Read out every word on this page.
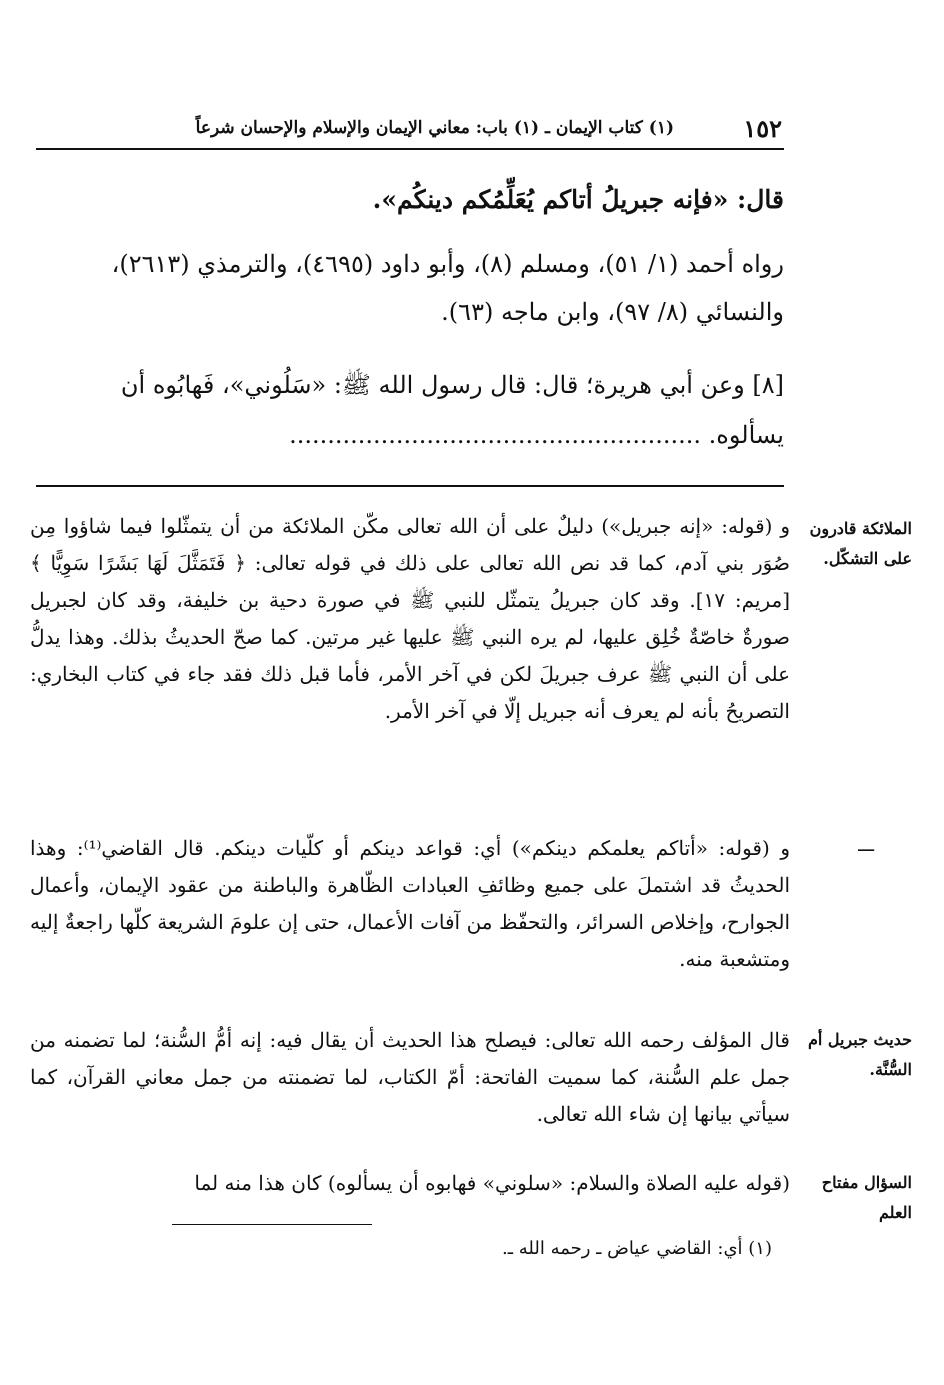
١٥٢
(١) كتاب الإيمان ـ (١) باب: معاني الإيمان والإسلام والإحسان شرعاً
قال: «فإنه جبريلُ أتاكم يُعَلِّمُكم دينكُم».
رواه أحمد (١/ ٥١)، ومسلم (٨)، وأبو داود (٤٦٩٥)، والترمذي (٢٦١٣)، والنسائي (٨/ ٩٧)، وابن ماجه (٦٣).
[٨] وعن أبي هريرة؛ قال: قال رسول الله ﷺ: «سَلُوني»، فَهابُوه أن يسألوه. ......................................................
الملائكة قادرون على التشكّل.
ـــ
حديث جبريل أم السُّنَّة.
السؤال مفتاح العلم

و (قوله: «إنه جبريل») دليلٌ على أن الله تعالى مكّن الملائكة من أن يتمثّلوا فيما شاؤوا مِن صُوَر بني آدم، كما قد نص الله تعالى على ذلك في قوله تعالى: ﴿ فَتَمَثَّلَ لَهَا بَشَرًا سَوِيًّا ﴾ [مريم: ١٧]. وقد كان جبريلُ يتمثّل للنبي ﷺ في صورة دحية بن خليفة، وقد كان لجبريل صورةٌ خاصّةٌ خُلِق عليها، لم يره النبي ﷺ عليها غير مرتين. كما صحّ الحديثُ بذلك. وهذا يدلُّ على أن النبي ﷺ عرف جبريلَ لكن في آخر الأمر، فأما قبل ذلك فقد جاء في كتاب البخاري: التصريحُ بأنه لم يعرف أنه جبريل إلّا في آخر الأمر.

و (قوله: «أتاكم يعلمكم دينكم») أي: قواعد دينكم أو كلّيات دينكم. قال القاضي⁽¹⁾: وهذا الحديثُ قد اشتملَ على جميع وظائفِ العبادات الظّاهرة والباطنة من عقود الإيمان، وأعمال الجوارح، وإخلاص السرائر، والتحفّظ من آفات الأعمال، حتى إن علومَ الشريعة كلّها راجعةٌ إليه ومتشعبة منه.

قال المؤلف رحمه الله تعالى: فيصلح هذا الحديث أن يقال فيه: إنه أمُّ السُّنة؛ لما تضمنه من جمل علم السُّنة، كما سميت الفاتحة: أمّ الكتاب، لما تضمنته من جمل معاني القرآن، كما سيأتي بيانها إن شاء الله تعالى.

(قوله عليه الصلاة والسلام: «سلوني» فهابوه أن يسألوه) كان هذا منه لما

(١) أي: القاضي عياض ـ رحمه الله ـ.
